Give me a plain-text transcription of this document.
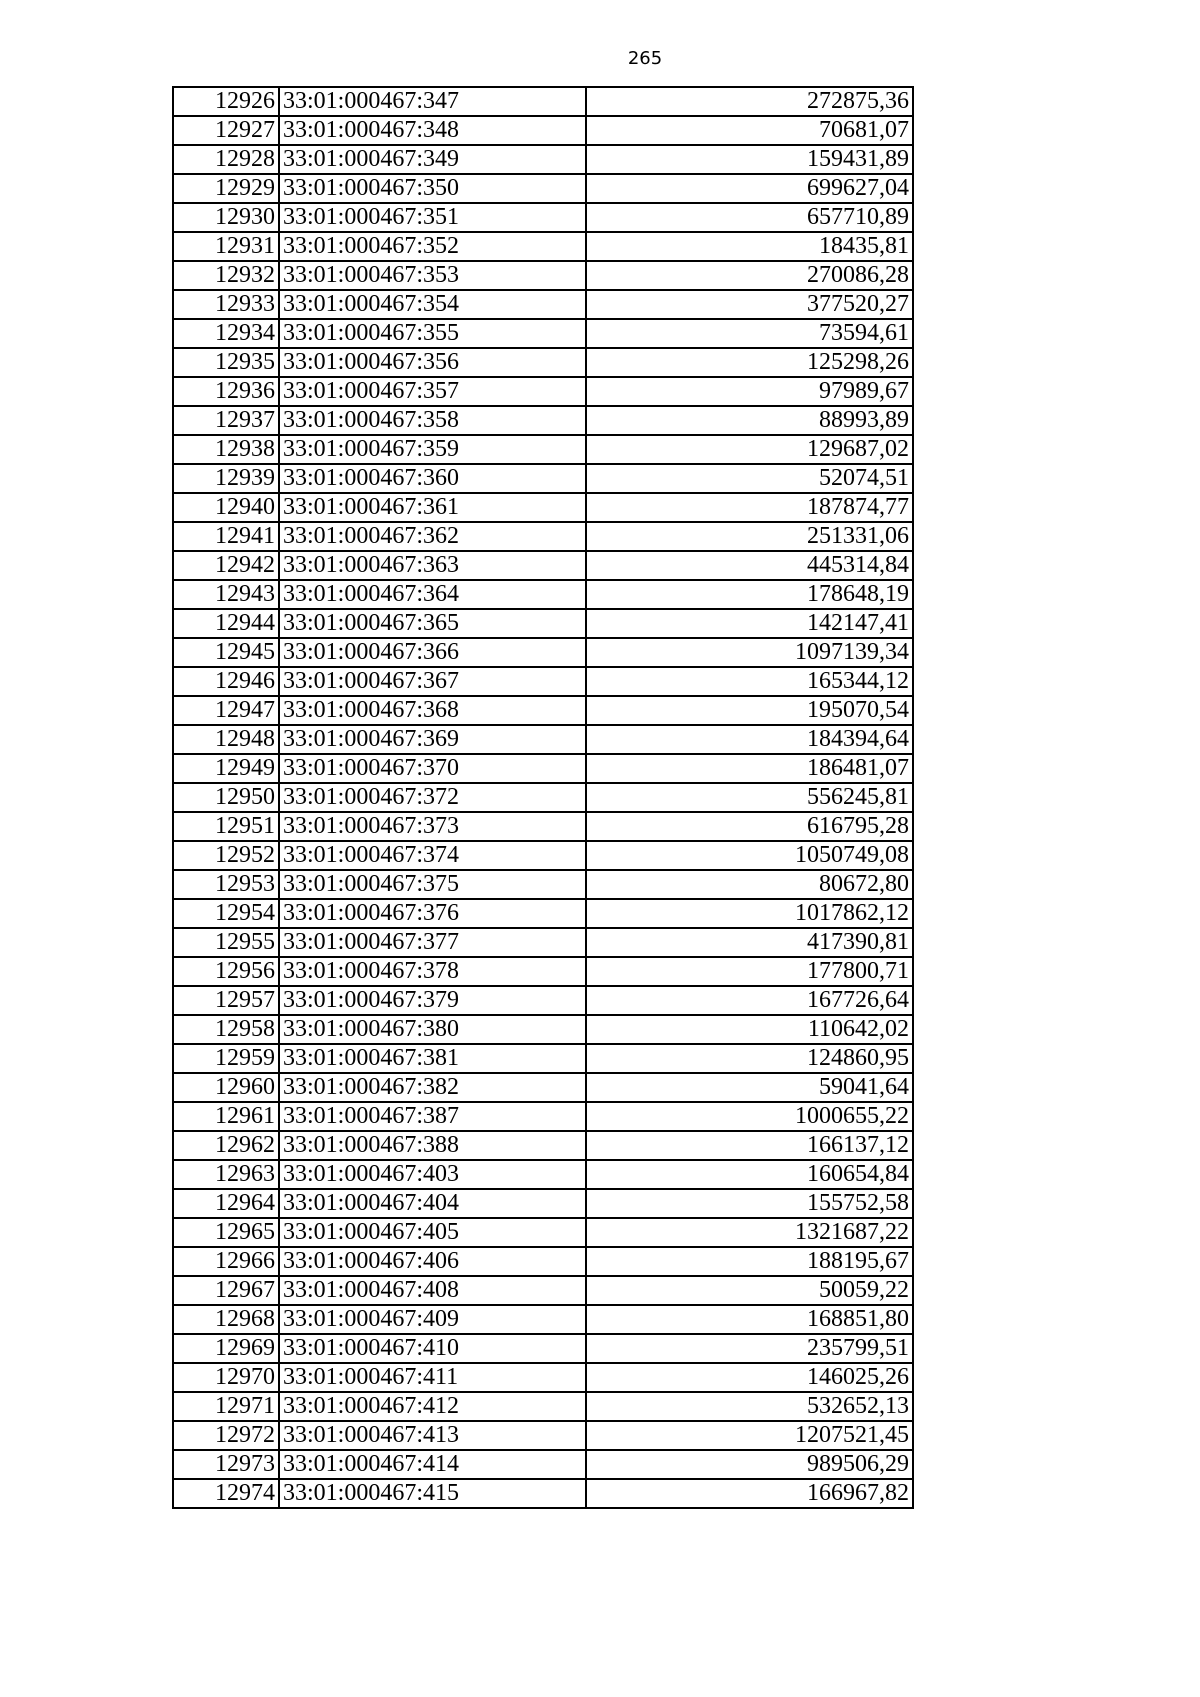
265
12926	33:01:000467:347	272875,36
12927	33:01:000467:348	70681,07
12928	33:01:000467:349	159431,89
12929	33:01:000467:350	699627,04
12930	33:01:000467:351	657710,89
12931	33:01:000467:352	18435,81
12932	33:01:000467:353	270086,28
12933	33:01:000467:354	377520,27
12934	33:01:000467:355	73594,61
12935	33:01:000467:356	125298,26
12936	33:01:000467:357	97989,67
12937	33:01:000467:358	88993,89
12938	33:01:000467:359	129687,02
12939	33:01:000467:360	52074,51
12940	33:01:000467:361	187874,77
12941	33:01:000467:362	251331,06
12942	33:01:000467:363	445314,84
12943	33:01:000467:364	178648,19
12944	33:01:000467:365	142147,41
12945	33:01:000467:366	1097139,34
12946	33:01:000467:367	165344,12
12947	33:01:000467:368	195070,54
12948	33:01:000467:369	184394,64
12949	33:01:000467:370	186481,07
12950	33:01:000467:372	556245,81
12951	33:01:000467:373	616795,28
12952	33:01:000467:374	1050749,08
12953	33:01:000467:375	80672,80
12954	33:01:000467:376	1017862,12
12955	33:01:000467:377	417390,81
12956	33:01:000467:378	177800,71
12957	33:01:000467:379	167726,64
12958	33:01:000467:380	110642,02
12959	33:01:000467:381	124860,95
12960	33:01:000467:382	59041,64
12961	33:01:000467:387	1000655,22
12962	33:01:000467:388	166137,12
12963	33:01:000467:403	160654,84
12964	33:01:000467:404	155752,58
12965	33:01:000467:405	1321687,22
12966	33:01:000467:406	188195,67
12967	33:01:000467:408	50059,22
12968	33:01:000467:409	168851,80
12969	33:01:000467:410	235799,51
12970	33:01:000467:411	146025,26
12971	33:01:000467:412	532652,13
12972	33:01:000467:413	1207521,45
12973	33:01:000467:414	989506,29
12974	33:01:000467:415	166967,82
